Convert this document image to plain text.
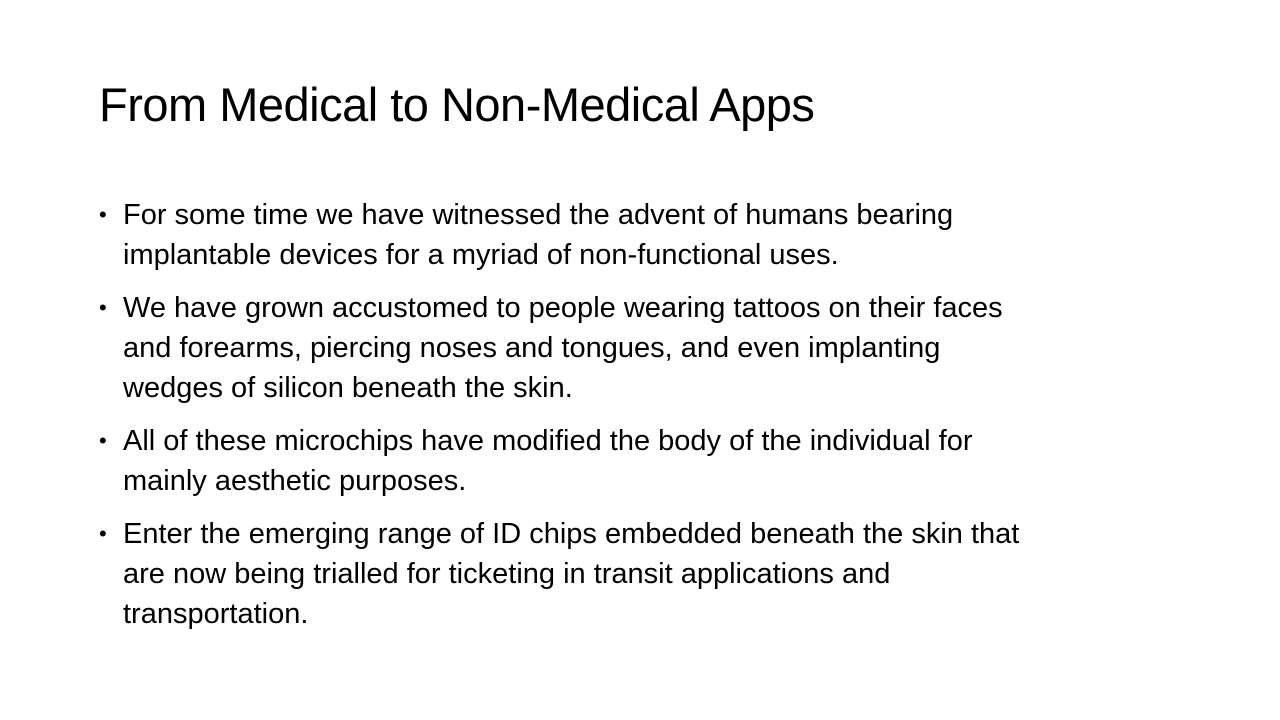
From Medical to Non-Medical Apps
• For some time we have witnessed the advent of humans bearing
implantable devices for a myriad of non-functional uses.
• We have grown accustomed to people wearing tattoos on their faces
and forearms, piercing noses and tongues, and even implanting
wedges of silicon beneath the skin.
• All of these microchips have modified the body of the individual for
mainly aesthetic purposes.
• Enter the emerging range of ID chips embedded beneath the skin that
are now being trialled for ticketing in transit applications and
transportation.
